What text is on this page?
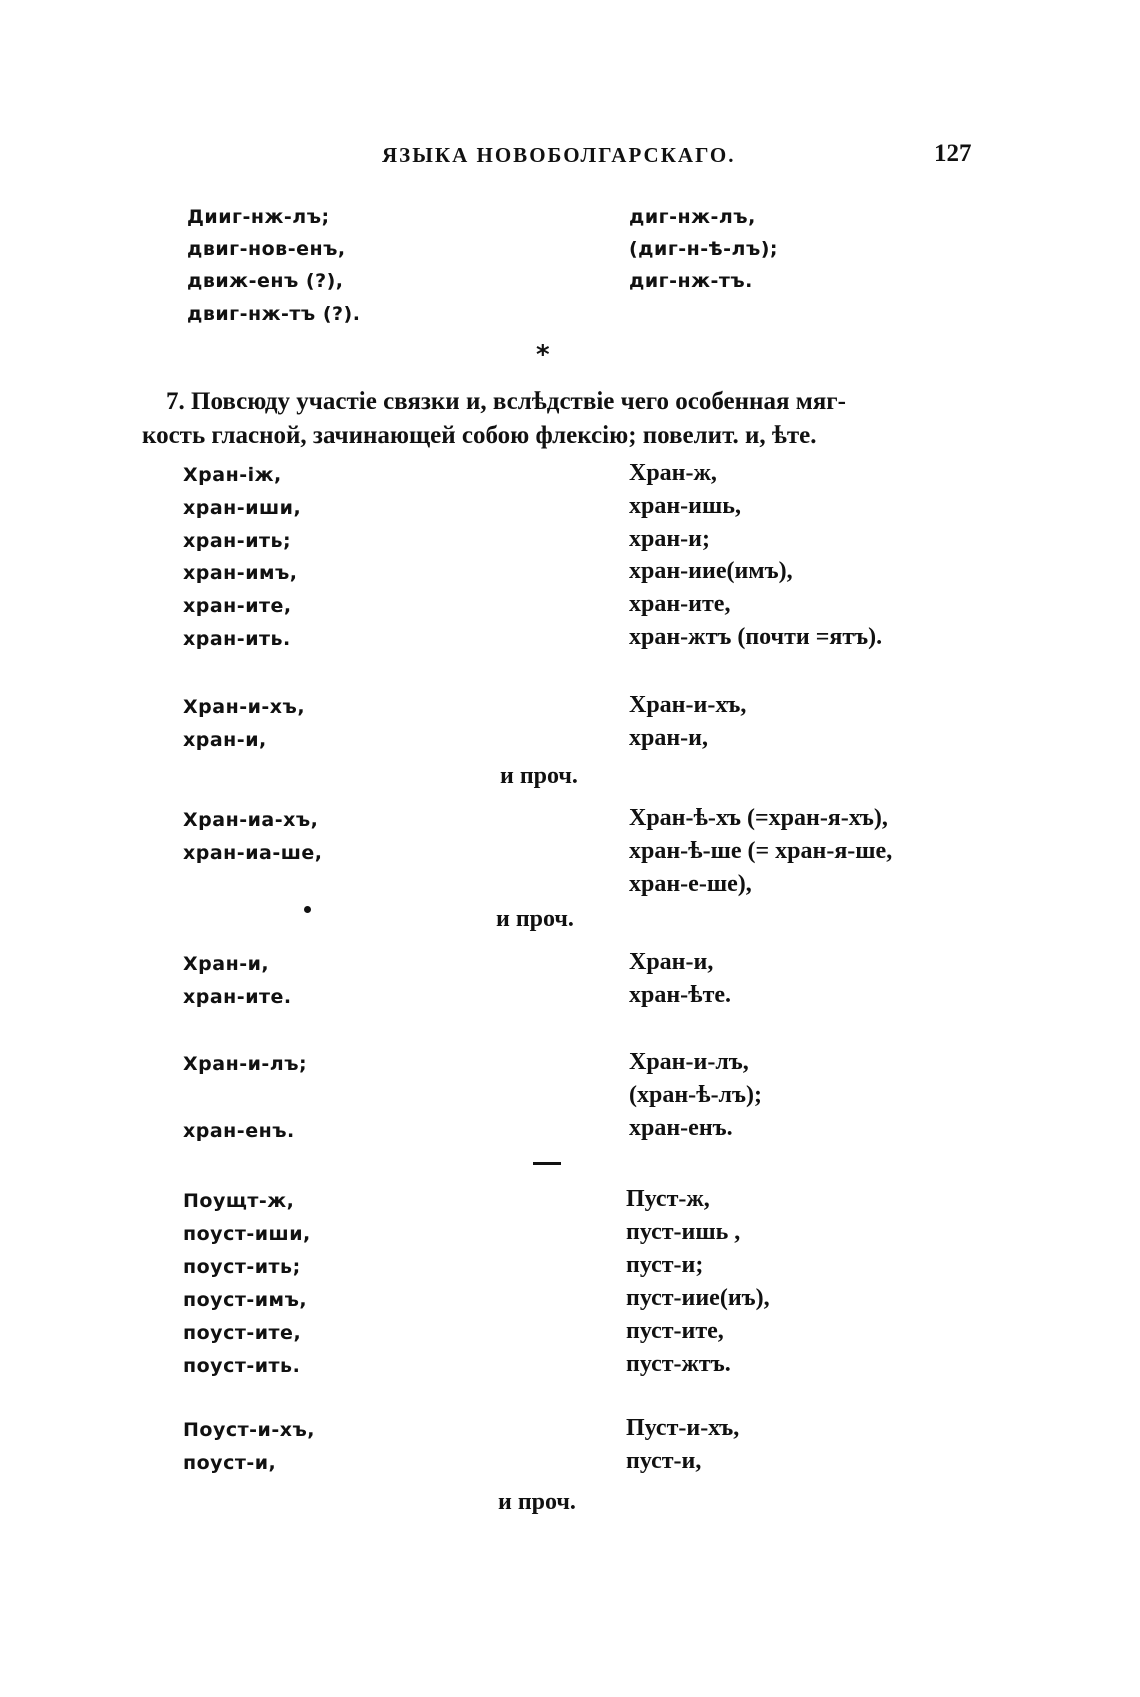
ЯЗЫКА НОВОБОЛГАРСКАГО.	127
Дииг-нж-лъ;
двиг-нов-енъ,
движ-енъ (?),
двиг-нж-тъ (?).
диг-нж-лъ,
(диг-н-ѣ-лъ);
диг-нж-тъ.
*
7. Повсюду участіе связки и, вслѣдствіе чего особенная мяг-
кость гласной, зачинающей собою флексію; повелит. и, ѣте.
Хран-іж,
хран-иши,
хран-ить;
хран-имъ,
хран-ите,
хран-ить.
Хран-ж,
хран-ишь,
хран-и;
хран-иие(имъ),
хран-ите,
хран-жтъ (почти =ятъ).
Хран-и-хъ,
хран-и,
Хран-и-хъ,
хран-и,
и проч.
Хран-иа-хъ,
хран-иа-ше,
Хран-ѣ-хъ (=хран-я-хъ),
хран-ѣ-ше (= хран-я-ше,
хран-е-ше),
и проч.
Хран-и,
хран-ите.
Хран-и,
хран-ѣте.
Хран-и-лъ;
хран-енъ.
Хран-и-лъ,
(хран-ѣ-лъ);
хран-енъ.
Поущт-ж,
поуст-иши,
поуст-ить;
поуст-имъ,
поуст-ите,
поуст-ить.
Пуст-ж,
пуст-ишь ,
пуст-и;
пуст-иие(иъ),
пуст-ите,
пуст-жтъ.
Поуст-и-хъ,
поуст-и,
Пуст-и-хъ,
пуст-и,
и проч.
